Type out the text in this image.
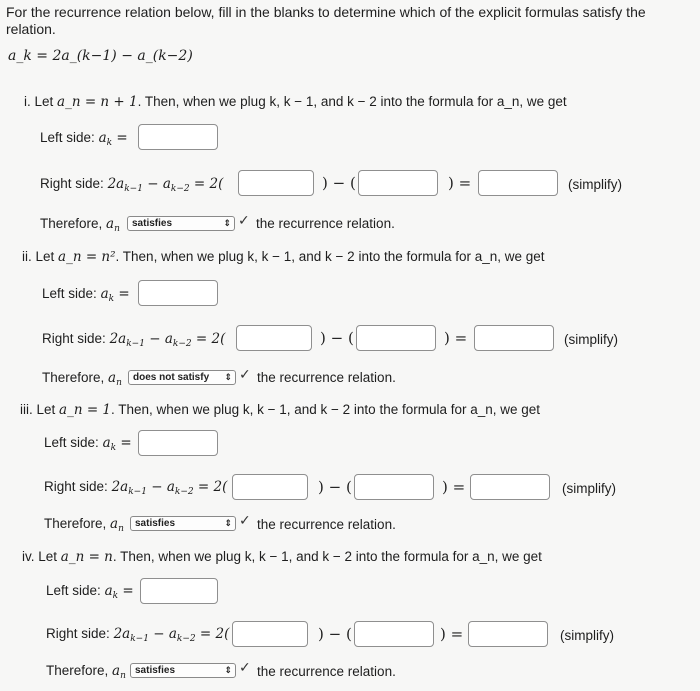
For the recurrence relation below, fill in the blanks to determine which of the explicit formulas satisfy the relation.
a_k = 2a_(k−1) − a_(k−2)
i. Let a_n = n + 1. Then, when we plug k, k − 1, and k − 2 into the formula for a_n, we get
Left side: $a_k$ =
Right side: $2a_{k-1} - a_{k-2} = 2$(	) − (	) =	(simplify)
Therefore, $a_n$	satisfies	⇕ ✓ the recurrence relation.
ii. Let a_n = n². Then, when we plug k, k − 1, and k − 2 into the formula for a_n, we get
Left side: $a_k$ =
Right side: $2a_{k-1} - a_{k-2} = 2$(	) − (	) =	(simplify)
Therefore, $a_n$	does not satisfy ⇕ ✓ the recurrence relation.
iii. Let a_n = 1. Then, when we plug k, k − 1, and k − 2 into the formula for a_n, we get
Left side: $a_k$ =
Right side: $2a_{k-1} - a_{k-2} = 2$(	) − (	) =	(simplify)
Therefore, $a_n$	satisfies	⇕ ✓ the recurrence relation.
iv. Let a_n = n. Then, when we plug k, k − 1, and k − 2 into the formula for a_n, we get
Left side: $a_k$ =
Right side: $2a_{k-1} - a_{k-2} = 2$(	) − (	) =	(simplify)
Therefore, $a_n$ satisfies	⇕ ✓ the recurrence relation.
